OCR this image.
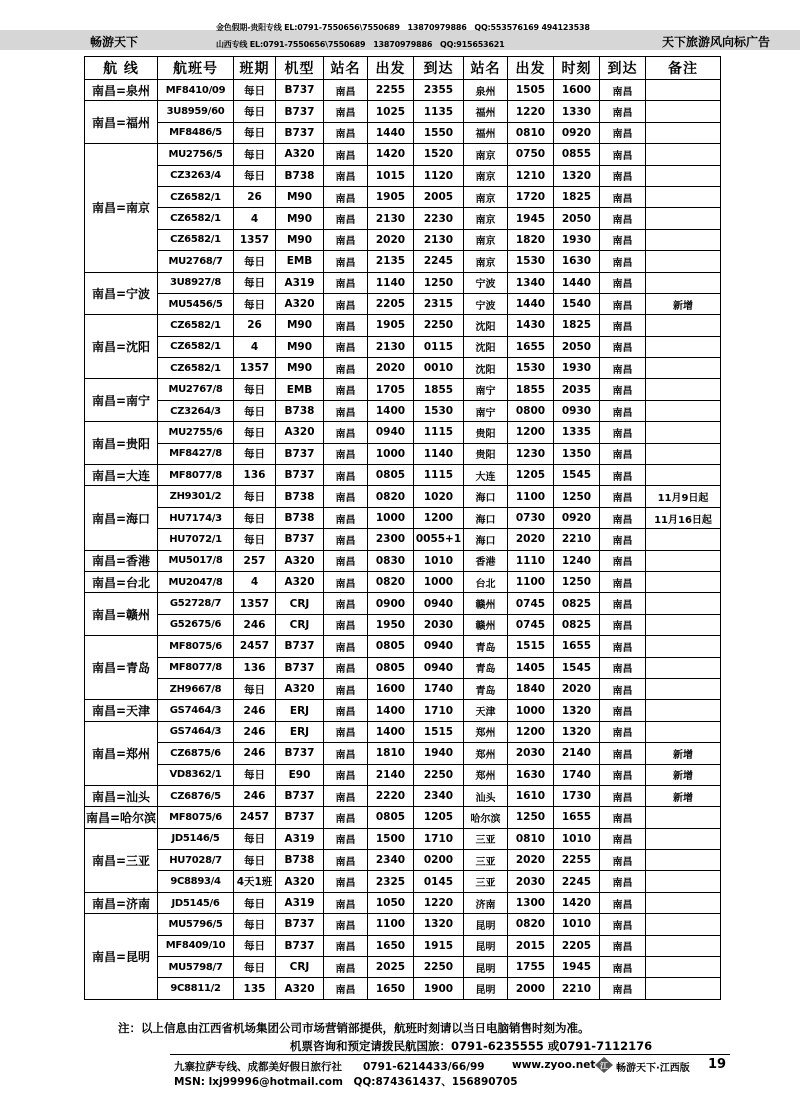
金色假期-贵阳专线 EL:0791-7550656\7550689　13870979886　QQ:553576169 494123538
畅游天下	山西专线 EL:0791-7550656\7550689　13870979886　QQ:915653621	天下旅游风向标广告
航 线	航班号	班期	机型	站名	出发	到达	站名	出发	时刻	到达	备注
南昌=泉州	MF8410/09	每日	B737	南昌	2255	2355	泉州	1505	1600	南昌	
南昌=福州	3U8959/60	每日	B737	南昌	1025	1135	福州	1220	1330	南昌	
	MF8486/5	每日	B737	南昌	1440	1550	福州	0810	0920	南昌	
南昌=南京	MU2756/5	每日	A320	南昌	1420	1520	南京	0750	0855	南昌	
	CZ3263/4	每日	B738	南昌	1015	1120	南京	1210	1320	南昌	
	CZ6582/1	26	M90	南昌	1905	2005	南京	1720	1825	南昌	
	CZ6582/1	4	M90	南昌	2130	2230	南京	1945	2050	南昌	
	CZ6582/1	1357	M90	南昌	2020	2130	南京	1820	1930	南昌	
	MU2768/7	每日	EMB	南昌	2135	2245	南京	1530	1630	南昌	
南昌=宁波	3U8927/8	每日	A319	南昌	1140	1250	宁波	1340	1440	南昌	
	MU5456/5	每日	A320	南昌	2205	2315	宁波	1440	1540	南昌	新增
南昌=沈阳	CZ6582/1	26	M90	南昌	1905	2250	沈阳	1430	1825	南昌	
	CZ6582/1	4	M90	南昌	2130	0115	沈阳	1655	2050	南昌	
	CZ6582/1	1357	M90	南昌	2020	0010	沈阳	1530	1930	南昌	
南昌=南宁	MU2767/8	每日	EMB	南昌	1705	1855	南宁	1855	2035	南昌	
	CZ3264/3	每日	B738	南昌	1400	1530	南宁	0800	0930	南昌	
南昌=贵阳	MU2755/6	每日	A320	南昌	0940	1115	贵阳	1200	1335	南昌	
	MF8427/8	每日	B737	南昌	1000	1140	贵阳	1230	1350	南昌	
南昌=大连	MF8077/8	136	B737	南昌	0805	1115	大连	1205	1545	南昌	
南昌=海口	ZH9301/2	每日	B738	南昌	0820	1020	海口	1100	1250	南昌	11月9日起
	HU7174/3	每日	B738	南昌	1000	1200	海口	0730	0920	南昌	11月16日起
	HU7072/1	每日	B737	南昌	2300	0055+1	海口	2020	2210	南昌	
南昌=香港	MU5017/8	257	A320	南昌	0830	1010	香港	1110	1240	南昌	
南昌=台北	MU2047/8	4	A320	南昌	0820	1000	台北	1100	1250	南昌	
南昌=赣州	G52728/7	1357	CRJ	南昌	0900	0940	赣州	0745	0825	南昌	
	G52675/6	246	CRJ	南昌	1950	2030	赣州	0745	0825	南昌	
南昌=青岛	MF8075/6	2457	B737	南昌	0805	0940	青岛	1515	1655	南昌	
	MF8077/8	136	B737	南昌	0805	0940	青岛	1405	1545	南昌	
	ZH9667/8	每日	A320	南昌	1600	1740	青岛	1840	2020	南昌	
南昌=天津	GS7464/3	246	ERJ	南昌	1400	1710	天津	1000	1320	南昌	
南昌=郑州	GS7464/3	246	ERJ	南昌	1400	1515	郑州	1200	1320	南昌	
	CZ6875/6	246	B737	南昌	1810	1940	郑州	2030	2140	南昌	新增
	VD8362/1	每日	E90	南昌	2140	2250	郑州	1630	1740	南昌	新增
南昌=汕头	CZ6876/5	246	B737	南昌	2220	2340	汕头	1610	1730	南昌	新增
南昌=哈尔滨	MF8075/6	2457	B737	南昌	0805	1205	哈尔滨	1250	1655	南昌	
南昌=三亚	JD5146/5	每日	A319	南昌	1500	1710	三亚	0810	1010	南昌	
	HU7028/7	每日	B738	南昌	2340	0200	三亚	2020	2255	南昌	
	9C8893/4	4天1班	A320	南昌	2325	0145	三亚	2030	2245	南昌	
南昌=济南	JD5145/6	每日	A319	南昌	1050	1220	济南	1300	1420	南昌	
南昌=昆明	MU5796/5	每日	B737	南昌	1100	1320	昆明	0820	1010	南昌	
	MF8409/10	每日	B737	南昌	1650	1915	昆明	2015	2205	南昌	
	MU5798/7	每日	CRJ	南昌	2025	2250	昆明	1755	1945	南昌	
	9C8811/2	135	A320	南昌	1650	1900	昆明	2000	2210	南昌	
注：以上信息由江西省机场集团公司市场营销部提供，航班时刻请以当日电脑销售时刻为准。
机票咨询和预定请拨民航国旅：0791-6235555 或0791-7112176
九寨拉萨专线、成都美好假日旅行社　　0791-6214433/66/99	www.zyoo.net 江 畅游天下·江西版 19
MSN: lxj99996@hotmail.com　QQ:874361437、156890705
